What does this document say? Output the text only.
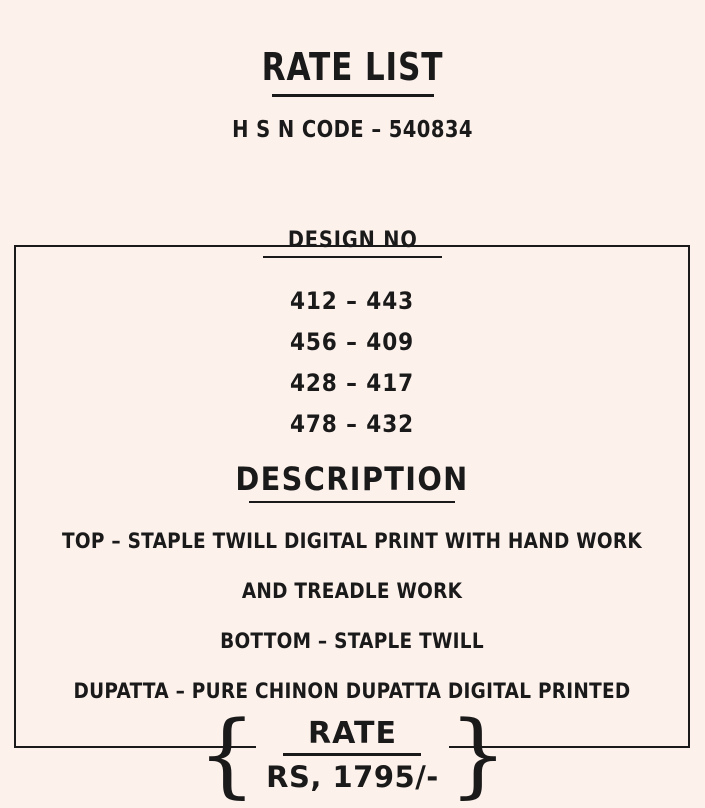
RATE LIST
H S N CODE – 540834
DESIGN NO
412 – 443
456 – 409
428 – 417
478 – 432
DESCRIPTION
TOP – STAPLE TWILL DIGITAL PRINT WITH HAND WORK
AND TREADLE WORK
BOTTOM – STAPLE TWILL
DUPATTA – PURE CHINON DUPATTA DIGITAL PRINTED
{	RATE
RS, 1795/- }
